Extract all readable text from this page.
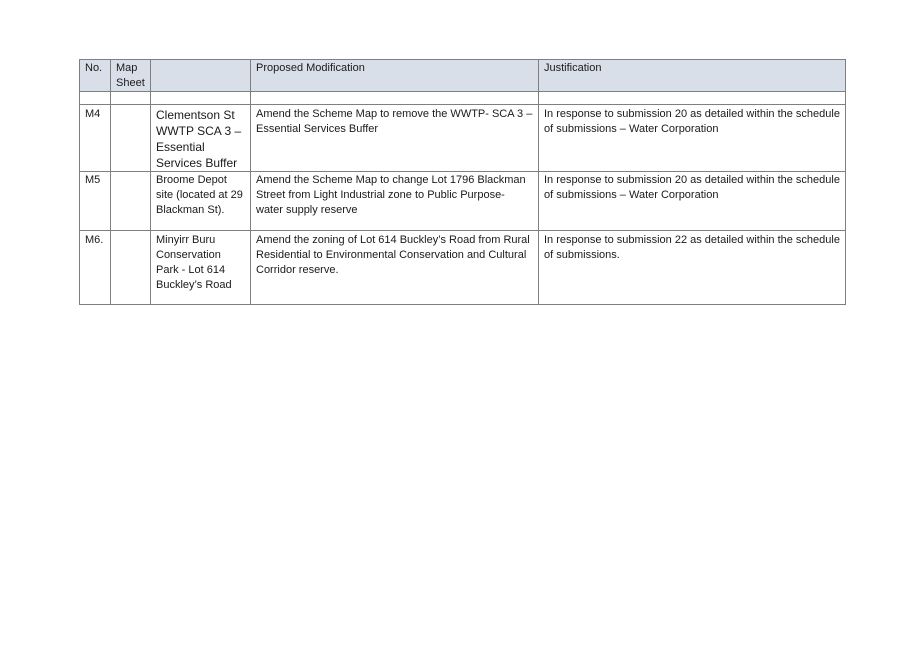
No.	Map
Sheet		Proposed Modification	Justification

M4		Clementson St
WWTP SCA 3 –
Essential
Services Buffer	Amend the Scheme Map to remove the WWTP- SCA 3 – Essential Services Buffer	In response to submission 20 as detailed within the schedule of submissions – Water Corporation
M5		Broome Depot
site (located at 29
Blackman St).	Amend the Scheme Map to change Lot 1796 Blackman Street from Light Industrial zone to Public Purpose- water supply reserve	In response to submission 20 as detailed within the schedule of submissions – Water Corporation
M6.		Minyirr Buru
Conservation
Park - Lot 614
Buckley’s Road	Amend the zoning of Lot 614 Buckley’s Road from Rural Residential to Environmental Conservation and Cultural Corridor reserve.	In response to submission 22 as detailed within the schedule of submissions.
